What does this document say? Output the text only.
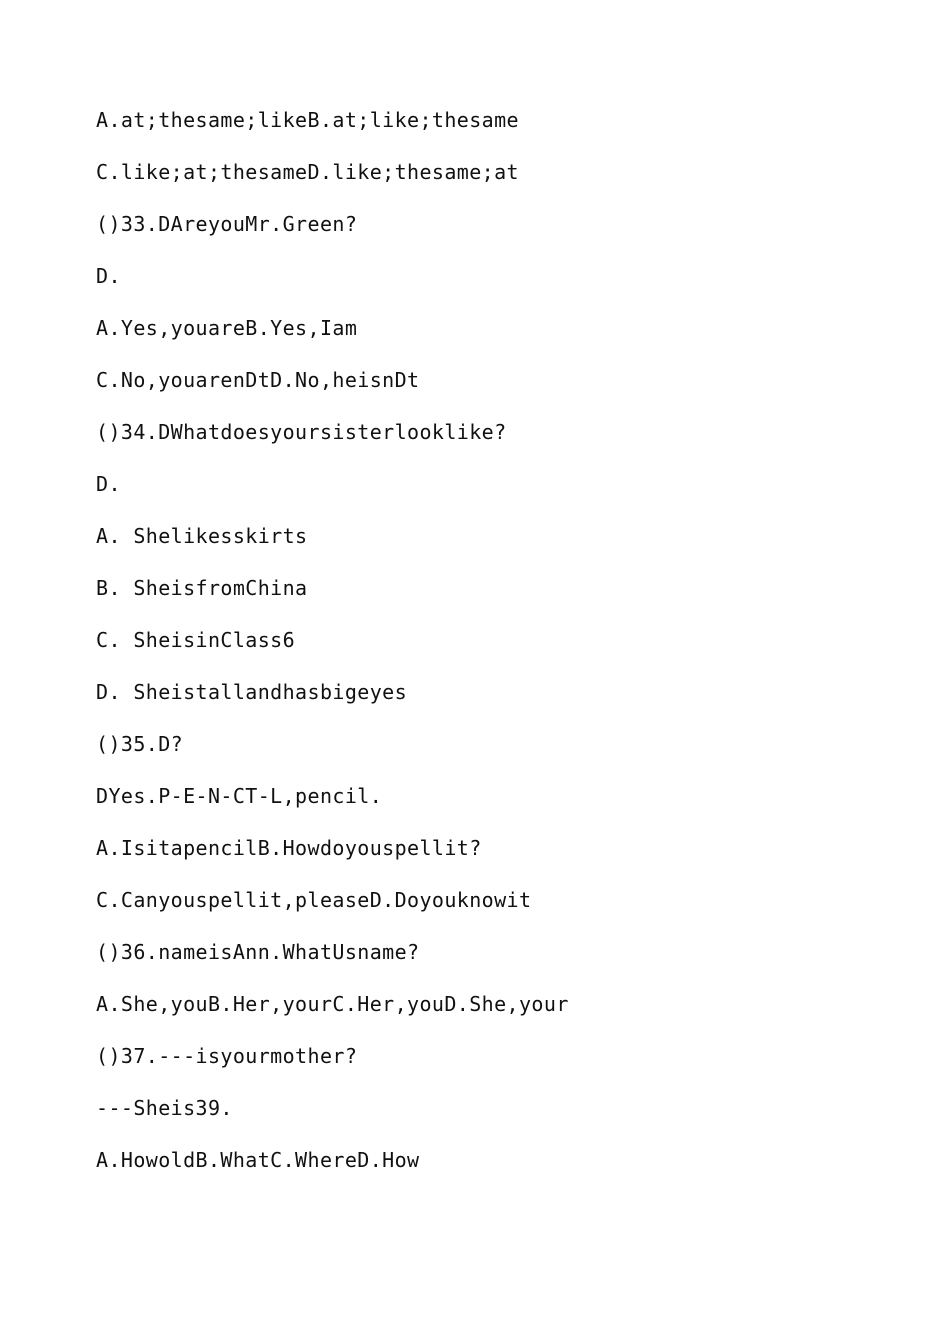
A.at;thesame;likeB.at;like;thesame
C.like;at;thesameD.like;thesame;at
()33.DAreyouMr.Green?
D.
A.Yes,youareB.Yes,Iam
C.No,youarenDtD.No,heisnDt
()34.DWhatdoesyoursisterlooklike?
D.
A. Shelikesskirts
B. SheisfromChina
C. SheisinClass6
D. Sheistallandhasbigeyes
()35.D?
DYes.P-E-N-CT-L,pencil.
A.IsitapencilB.Howdoyouspellit?
C.Canyouspellit,pleaseD.Doyouknowit
()36.nameisAnn.WhatUsname?
A.She,youB.Her,yourC.Her,youD.She,your
()37.---isyourmother?
---Sheis39.
A.HowoldB.WhatC.WhereD.How
